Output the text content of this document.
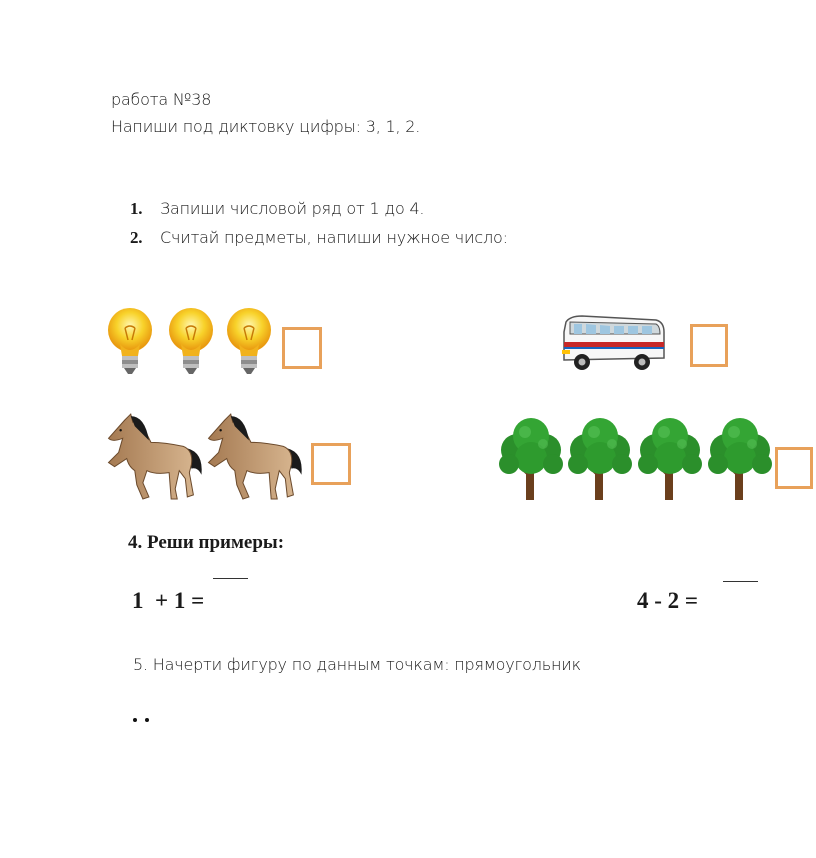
работа №38
Напиши под диктовку цифры: 3, 1, 2.
1. Запиши числовой ряд от 1 до 4.
2. Считай предметы, напиши нужное число:
4. Реши примеры:
1  + 1 =	4 - 2 =
5. Начерти фигуру по данным точкам: прямоугольник
